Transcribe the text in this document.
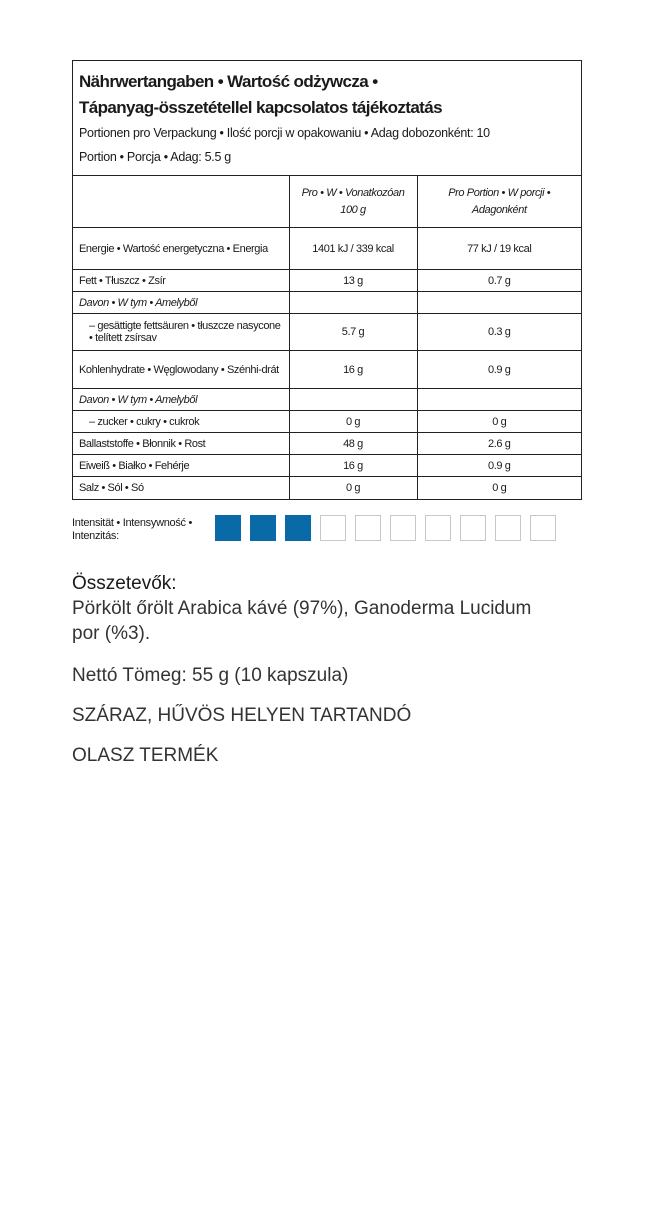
Nährwertangaben • Wartość odżywcza •
Tápanyag-összetétellel kapcsolatos tájékoztatás
Portionen pro Verpackung • Ilość porcji w opakowaniu • Adag dobozonként: 10
Portion • Porcja • Adag: 5.5 g
	Pro • W • Vonatkozóan 100 g	Pro Portion • W porcji • Adagonként
Energie • Wartość energetyczna • Energia	1401 kJ / 339 kcal	77 kJ / 19 kcal
Fett • Tłuszcz • Zsír	13 g	0.7 g
Davon • W tym • Amelyből		
– gesättigte fettsäuren • tłuszcze nasycone • telített zsírsav	5.7 g	0.3 g
Kohlenhydrate • Węglowodany • Szénhi-drát	16 g	0.9 g
Davon • W tym • Amelyből		
– zucker • cukry • cukrok	0 g	0 g
Ballaststoffe • Błonnik • Rost	48 g	2.6 g
Eiweiß • Białko • Fehérje	16 g	0.9 g
Salz • Sól • Só	0 g	0 g
Intensität • Intensywność • Intenzitás:
Összetevők:
Pörkölt őrölt Arabica kávé (97%), Ganoderma Lucidum por (%3).
Nettó Tömeg: 55 g (10 kapszula)
SZÁRAZ, HŰVÖS HELYEN TARTANDÓ
OLASZ TERMÉK
